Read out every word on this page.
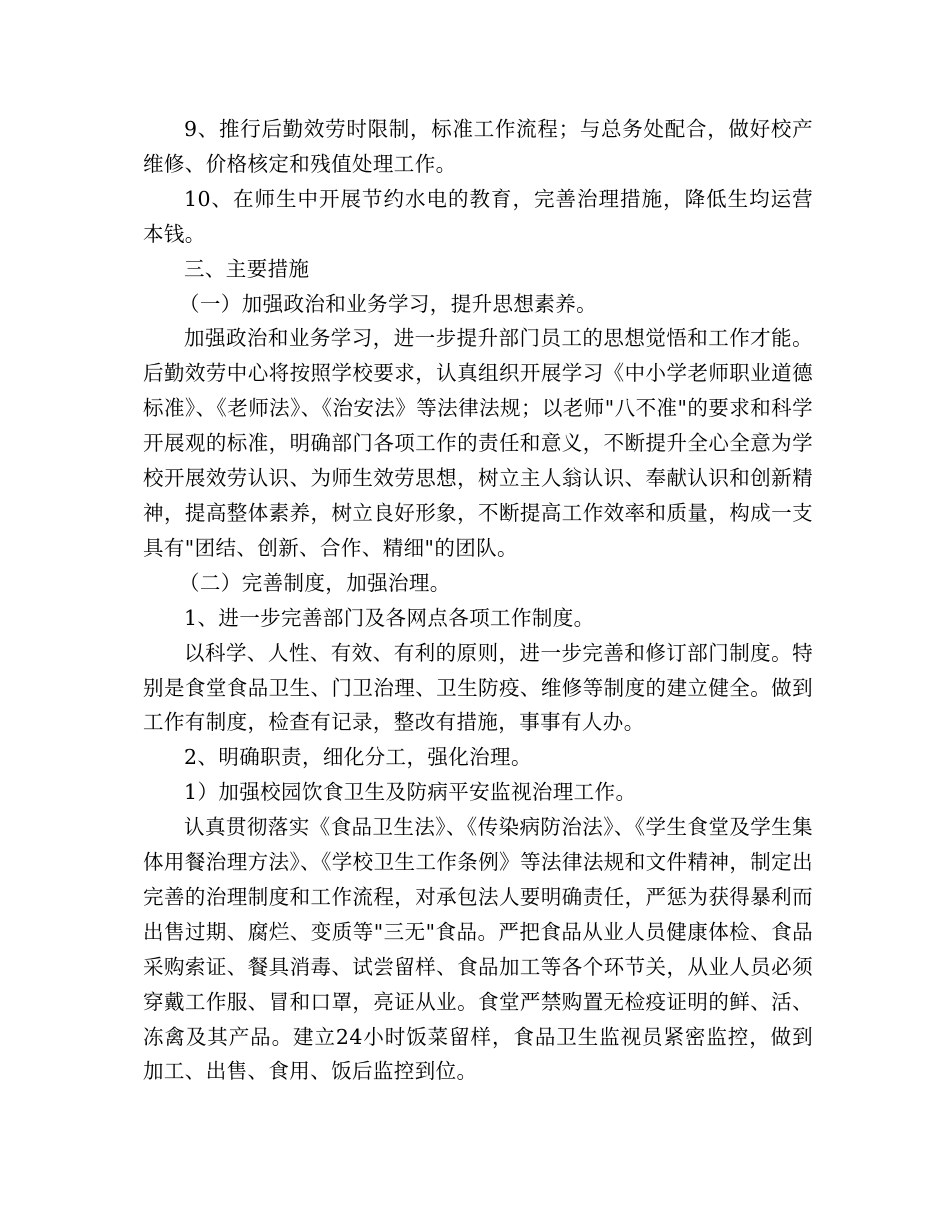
9、推行后勤效劳时限制，标准工作流程；与总务处配合，做好校产维修、价格核定和残值处理工作。

10、在师生中开展节约水电的教育，完善治理措施，降低生均运营本钱。

三、主要措施

（一）加强政治和业务学习，提升思想素养。

加强政治和业务学习，进一步提升部门员工的思想觉悟和工作才能。后勤效劳中心将按照学校要求，认真组织开展学习《中小学老师职业道德标准》、《老师法》、《治安法》等法律法规；以老师"八不准"的要求和科学开展观的标准，明确部门各项工作的责任和意义，不断提升全心全意为学校开展效劳认识、为师生效劳思想，树立主人翁认识、奉献认识和创新精神，提高整体素养，树立良好形象，不断提高工作效率和质量，构成一支具有"团结、创新、合作、精细"的团队。

（二）完善制度，加强治理。

1、进一步完善部门及各网点各项工作制度。

以科学、人性、有效、有利的原则，进一步完善和修订部门制度。特别是食堂食品卫生、门卫治理、卫生防疫、维修等制度的建立健全。做到工作有制度，检查有记录，整改有措施，事事有人办。

2、明确职责，细化分工，强化治理。

1）加强校园饮食卫生及防病平安监视治理工作。

认真贯彻落实《食品卫生法》、《传染病防治法》、《学生食堂及学生集体用餐治理方法》、《学校卫生工作条例》等法律法规和文件精神，制定出完善的治理制度和工作流程，对承包法人要明确责任，严惩为获得暴利而出售过期、腐烂、变质等"三无"食品。严把食品从业人员健康体检、食品采购索证、餐具消毒、试尝留样、食品加工等各个环节关，从业人员必须穿戴工作服、冒和口罩，亮证从业。食堂严禁购置无检疫证明的鲜、活、冻禽及其产品。建立24小时饭菜留样，食品卫生监视员紧密监控，做到加工、出售、食用、饭后监控到位。
